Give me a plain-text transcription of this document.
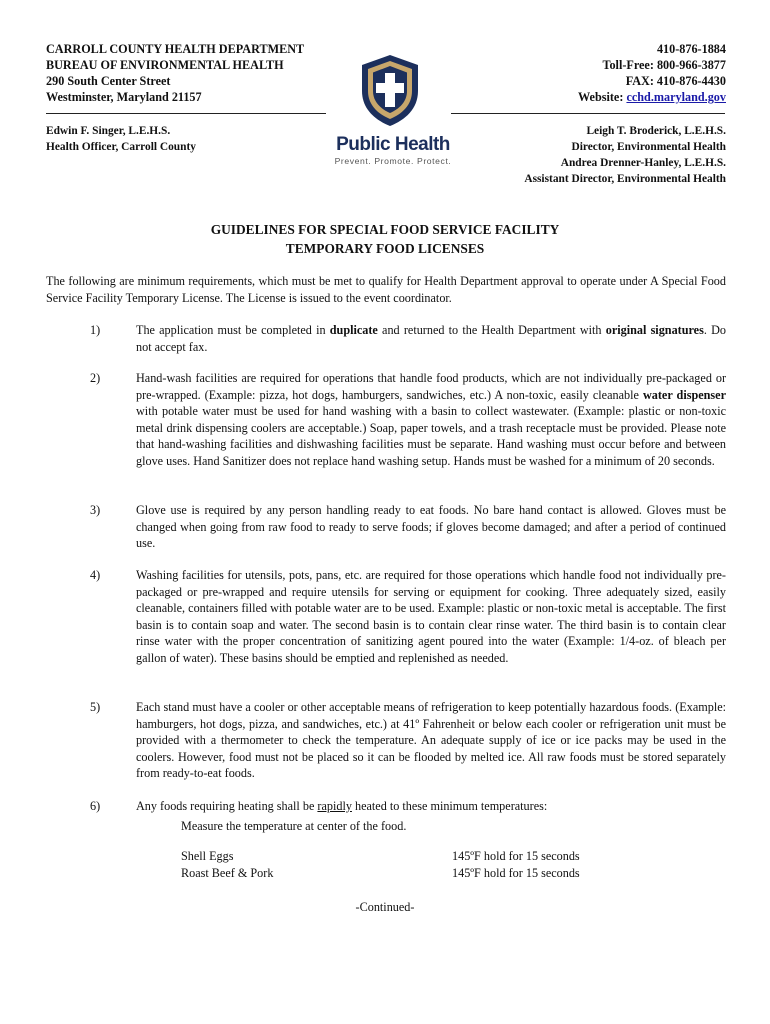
CARROLL COUNTY HEALTH DEPARTMENT
BUREAU OF ENVIRONMENTAL HEALTH
290 South Center Street
Westminster, Maryland 21157
410-876-1884
Toll-Free: 800-966-3877
FAX: 410-876-4430
Website: cchd.maryland.gov
Edwin F. Singer, L.E.H.S.
Health Officer, Carroll County
Leigh T. Broderick, L.E.H.S.
Director, Environmental Health
Andrea Drenner-Hanley, L.E.H.S.
Assistant Director, Environmental Health
Public Health
Prevent. Promote. Protect.
GUIDELINES FOR SPECIAL FOOD SERVICE FACILITY
TEMPORARY FOOD LICENSES
The following are minimum requirements, which must be met to qualify for Health Department approval to operate under A Special Food Service Facility Temporary License. The License is issued to the event coordinator.
1)	The application must be completed in duplicate and returned to the Health Department with original signatures. Do not accept fax.
2)	Hand-wash facilities are required for operations that handle food products, which are not individually pre-packaged or pre-wrapped. (Example: pizza, hot dogs, hamburgers, sandwiches, etc.) A non-toxic, easily cleanable water dispenser with potable water must be used for hand washing with a basin to collect wastewater. (Example: plastic or non-toxic metal drink dispensing coolers are acceptable.) Soap, paper towels, and a trash receptacle must be provided. Please note that hand-washing facilities and dishwashing facilities must be separate. Hand washing must occur before and between glove uses. Hand Sanitizer does not replace hand washing setup. Hands must be washed for a minimum of 20 seconds.
3)	Glove use is required by any person handling ready to eat foods. No bare hand contact is allowed. Gloves must be changed when going from raw food to ready to serve foods; if gloves become damaged; and after a period of continued use.
4)	Washing facilities for utensils, pots, pans, etc. are required for those operations which handle food not individually pre-packaged or pre-wrapped and require utensils for serving or equipment for cooking. Three adequately sized, easily cleanable, containers filled with potable water are to be used. Example: plastic or non-toxic metal is acceptable. The first basin is to contain soap and water. The second basin is to contain clear rinse water. The third basin is to contain clear rinse water with the proper concentration of sanitizing agent poured into the water (Example: 1/4-oz. of bleach per gallon of water). These basins should be emptied and replenished as needed.
5)	Each stand must have a cooler or other acceptable means of refrigeration to keep potentially hazardous foods. (Example: hamburgers, hot dogs, pizza, and sandwiches, etc.) at 41º Fahrenheit or below each cooler or refrigeration unit must be provided with a thermometer to check the temperature. An adequate supply of ice or ice packs may be used in the coolers. However, food must not be placed so it can be flooded by melted ice. All raw foods must be stored separately from ready-to-eat foods.
6)	Any foods requiring heating shall be rapidly heated to these minimum temperatures:
Measure the temperature at center of the food.
Shell Eggs	145ºF hold for 15 seconds
Roast Beef & Pork	145ºF hold for 15 seconds
-Continued-
